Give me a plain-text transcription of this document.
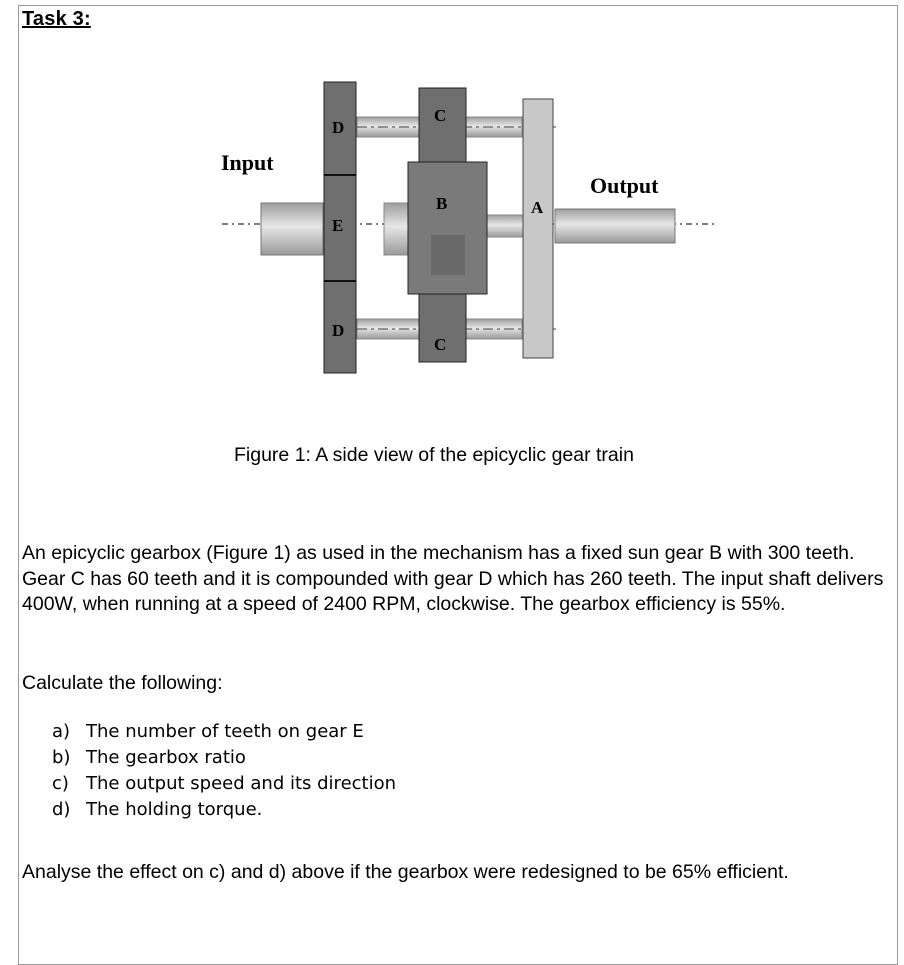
Task 3:
Input
Output
D
E
D
C
B
C
A
Figure 1: A side view of the epicyclic gear train
An epicyclic gearbox (Figure 1) as used in the mechanism has a fixed sun gear B with 300 teeth. Gear C has 60 teeth and it is compounded with gear D which has 260 teeth. The input shaft delivers 400W, when running at a speed of 2400 RPM, clockwise. The gearbox efficiency is 55%.
Calculate the following:
a) The number of teeth on gear E
b) The gearbox ratio
c) The output speed and its direction
d) The holding torque.
Analyse the effect on c) and d) above if the gearbox were redesigned to be 65% efficient.
